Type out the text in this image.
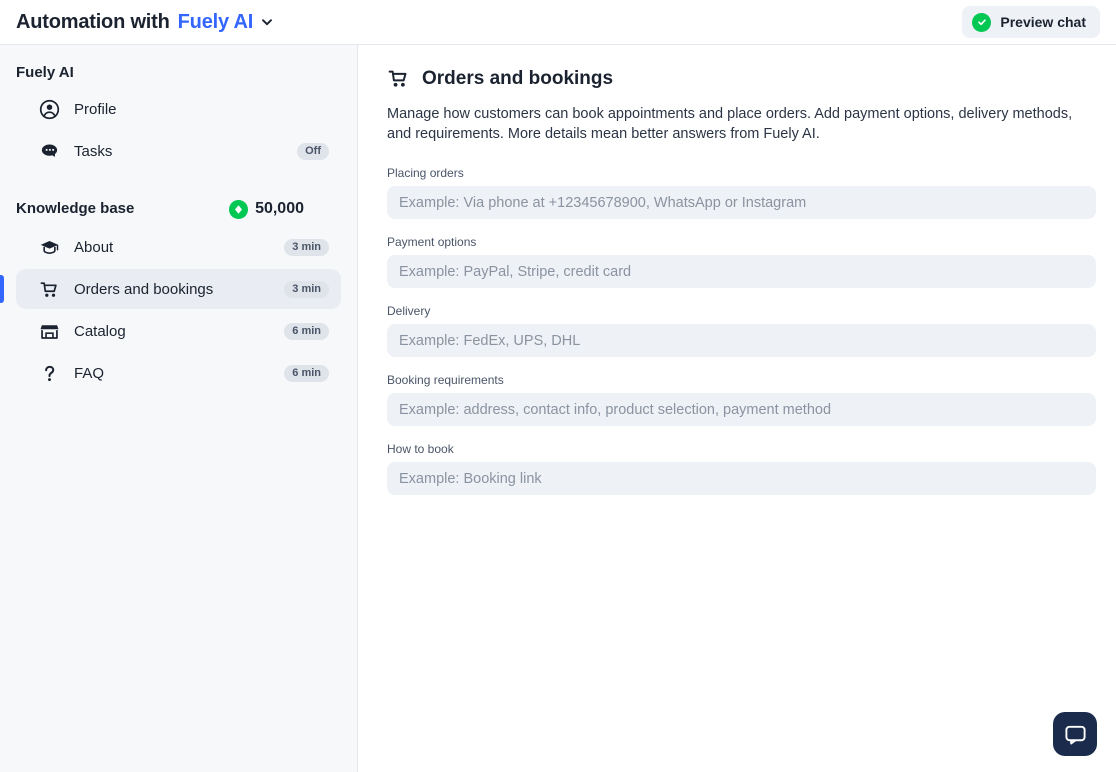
Automation with Fuely AI	Preview chat
Fuely AI
Profile
Tasks	Off
Knowledge base	50,000
About	3 min
Orders and bookings	3 min
Catalog	6 min
FAQ	6 min
Orders and bookings
Manage how customers can book appointments and place orders. Add payment options, delivery methods, and requirements. More details mean better answers from Fuely AI.
Placing orders
Example: Via phone at +12345678900, WhatsApp or Instagram
Payment options
Example: PayPal, Stripe, credit card
Delivery
Example: FedEx, UPS, DHL
Booking requirements
Example: address, contact info, product selection, payment method
How to book
Example: Booking link
